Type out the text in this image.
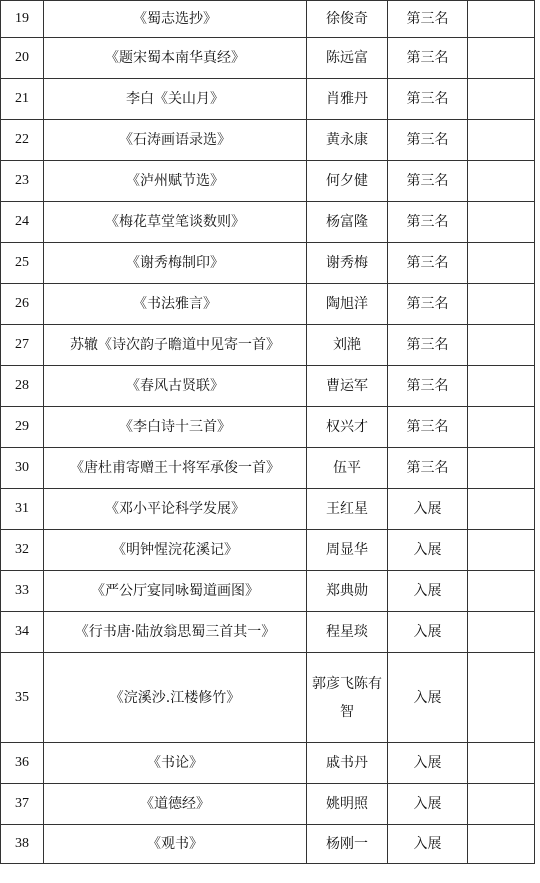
19	《蜀志选抄》	徐俊奇	第三名	
20	《题宋蜀本南华真经》	陈远富	第三名	
21	李白《关山月》	肖雅丹	第三名	
22	《石涛画语录选》	黄永康	第三名	
23	《泸州赋节选》	何夕健	第三名	
24	《梅花草堂笔谈数则》	杨富隆	第三名	
25	《谢秀梅制印》	谢秀梅	第三名	
26	《书法雅言》	陶旭洋	第三名	
27	苏辙《诗次韵子瞻道中见寄一首》	刘滟	第三名	
28	《春风古贤联》	曹运军	第三名	
29	《李白诗十三首》	权兴才	第三名	
30	《唐杜甫寄赠王十将军承俊一首》	伍平	第三名	
31	《邓小平论科学发展》	王红星	入展	
32	《明钟惺浣花溪记》	周显华	入展	
33	《严公厅宴同咏蜀道画图》	郑典勋	入展	
34	《行书唐·陆放翁思蜀三首其一》	程星琰	入展	
35	《浣溪沙.江楼修竹》	郭彦飞陈有智	入展	
36	《书论》	戚书丹	入展	
37	《道德经》	姚明照	入展	
38	《观书》	杨刚一	入展	
